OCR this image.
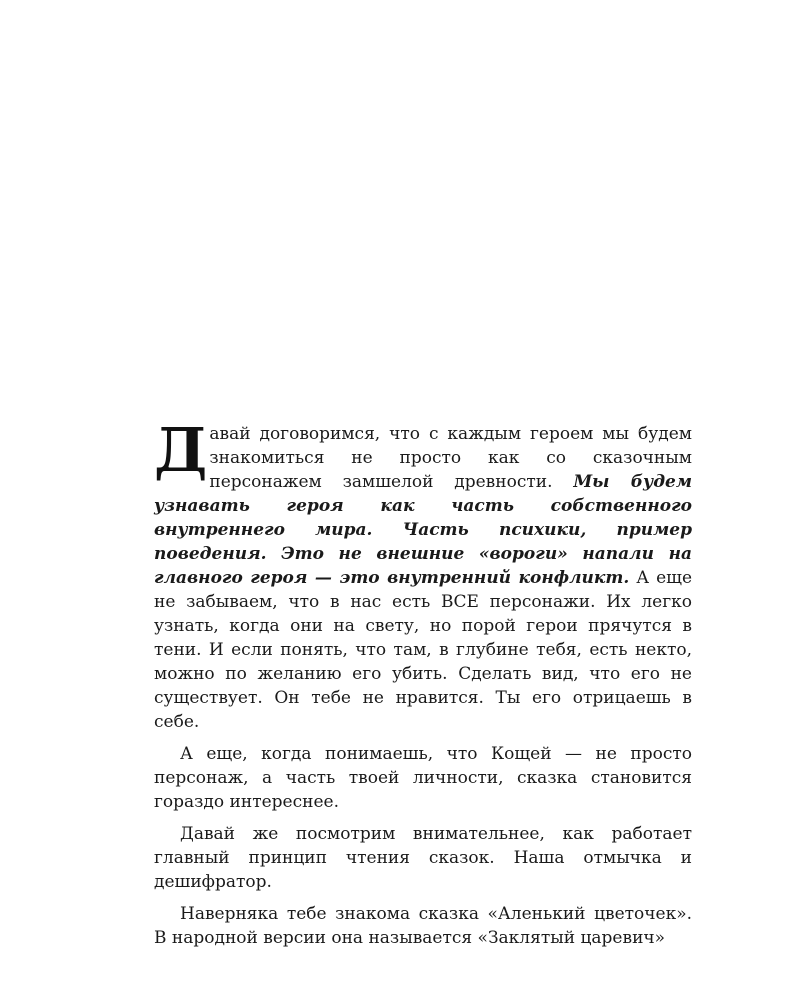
Давай договоримся, что с каждым героем мы будем знакомиться не просто как со сказочным персонажем замшелой древности. Мы будем узнавать героя как часть собственного внутреннего мира. Часть психики, пример поведения. Это не внешние «вороги» напали на главного героя — это внутренний конфликт. А еще не забываем, что в нас есть ВСЕ персонажи. Их легко узнать, когда они на свету, но порой герои прячутся в тени. И если понять, что там, в глубине тебя, есть некто, можно по желанию его убить. Сделать вид, что его не существует. Он тебе не нравится. Ты его отрицаешь в себе.

А еще, когда понимаешь, что Кощей — не просто персонаж, а часть твоей личности, сказка становится гораздо интереснее.

Давай же посмотрим внимательнее, как работает главный принцип чтения сказок. Наша отмычка и дешифратор.

Наверняка тебе знакома сказка «Аленький цветочек». В народной версии она называется «Заклятый царевич»
